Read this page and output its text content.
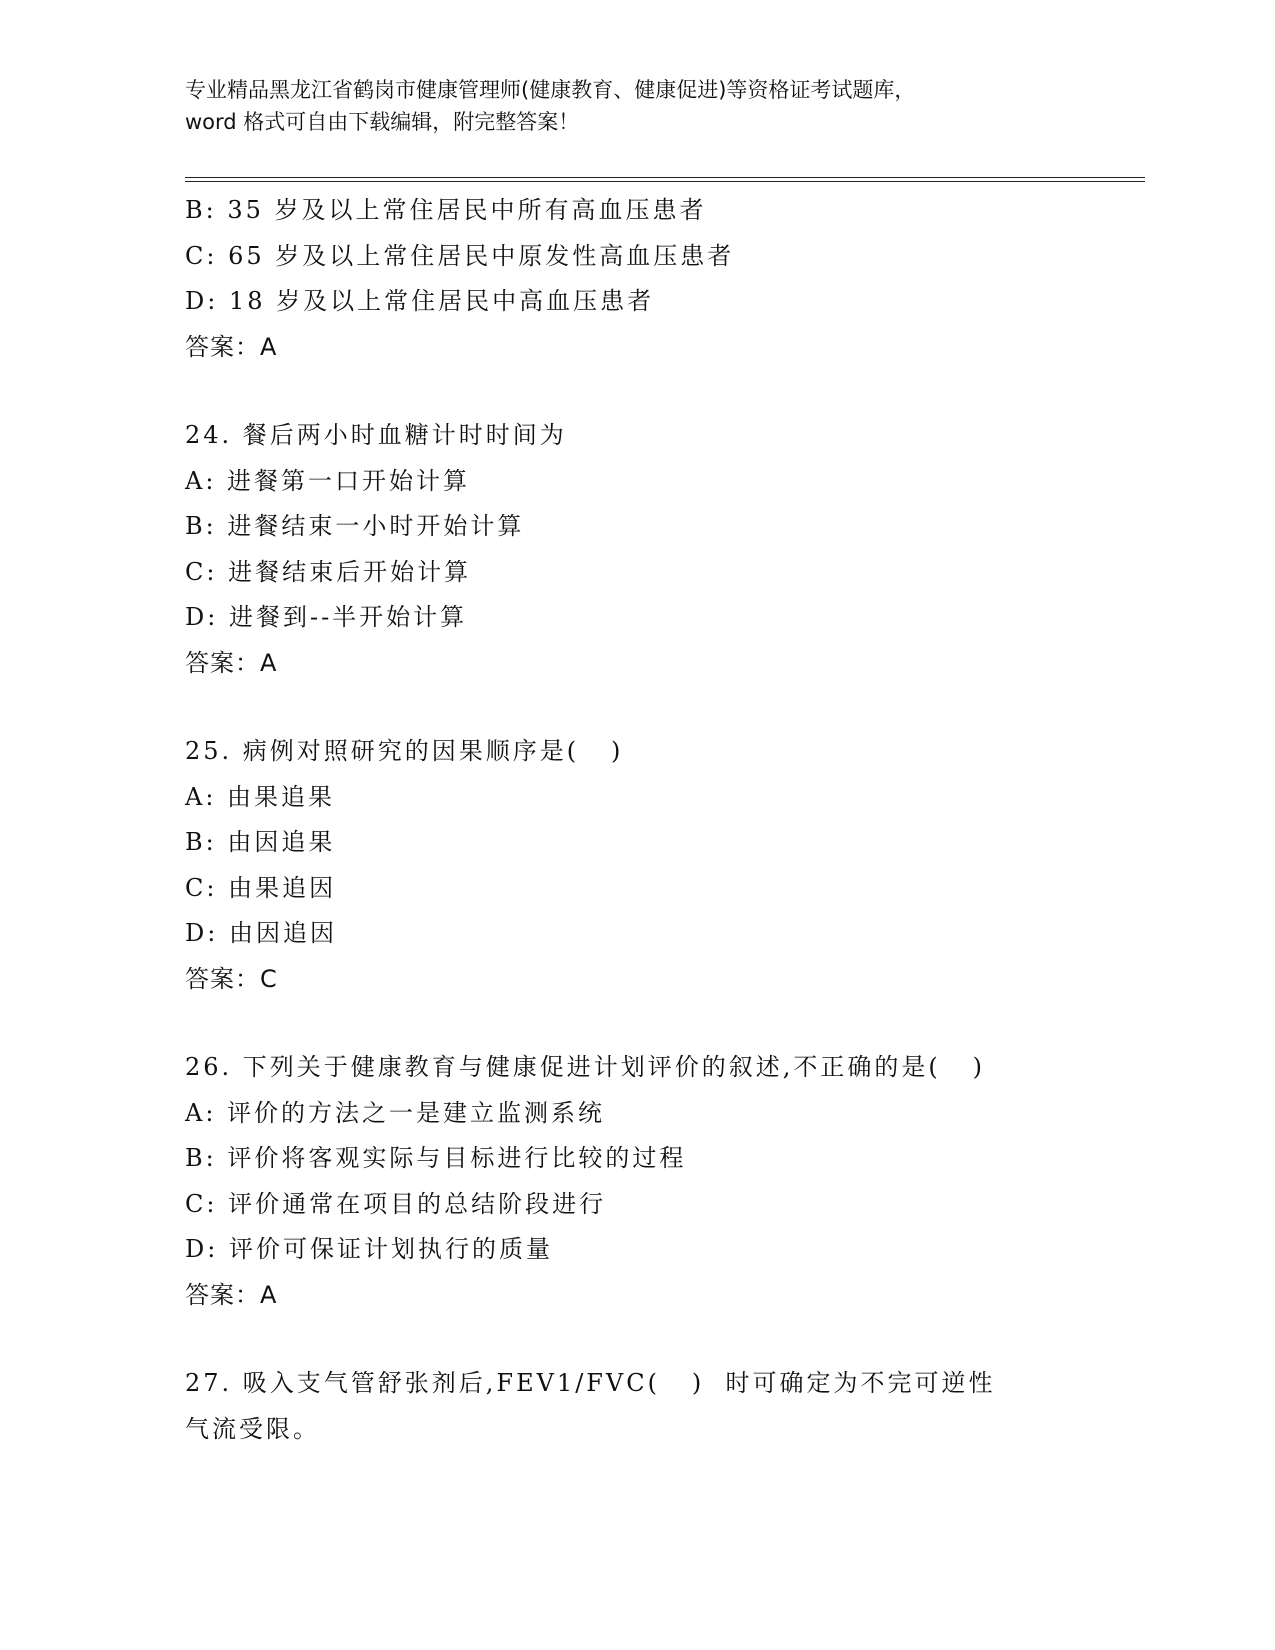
专业精品黑龙江省鹤岗市健康管理师(健康教育、健康促进)等资格证考试题库，
word 格式可自由下载编辑，附完整答案！
B: 35 岁及以上常住居民中所有高血压患者
C: 65 岁及以上常住居民中原发性高血压患者
D: 18 岁及以上常住居民中高血压患者
答案：A
24. 餐后两小时血糖计时时间为
A: 进餐第一口开始计算
B: 进餐结束一小时开始计算
C: 进餐结束后开始计算
D: 进餐到--半开始计算
答案：A
25. 病例对照研究的因果顺序是(   )
A: 由果追果
B: 由因追果
C: 由果追因
D: 由因追因
答案：C
26. 下列关于健康教育与健康促进计划评价的叙述,不正确的是(   )
A: 评价的方法之一是建立监测系统
B: 评价将客观实际与目标进行比较的过程
C: 评价通常在项目的总结阶段进行
D: 评价可保证计划执行的质量
答案：A
27. 吸入支气管舒张剂后,FEV1/FVC(   )  时可确定为不完可逆性
气流受限。
